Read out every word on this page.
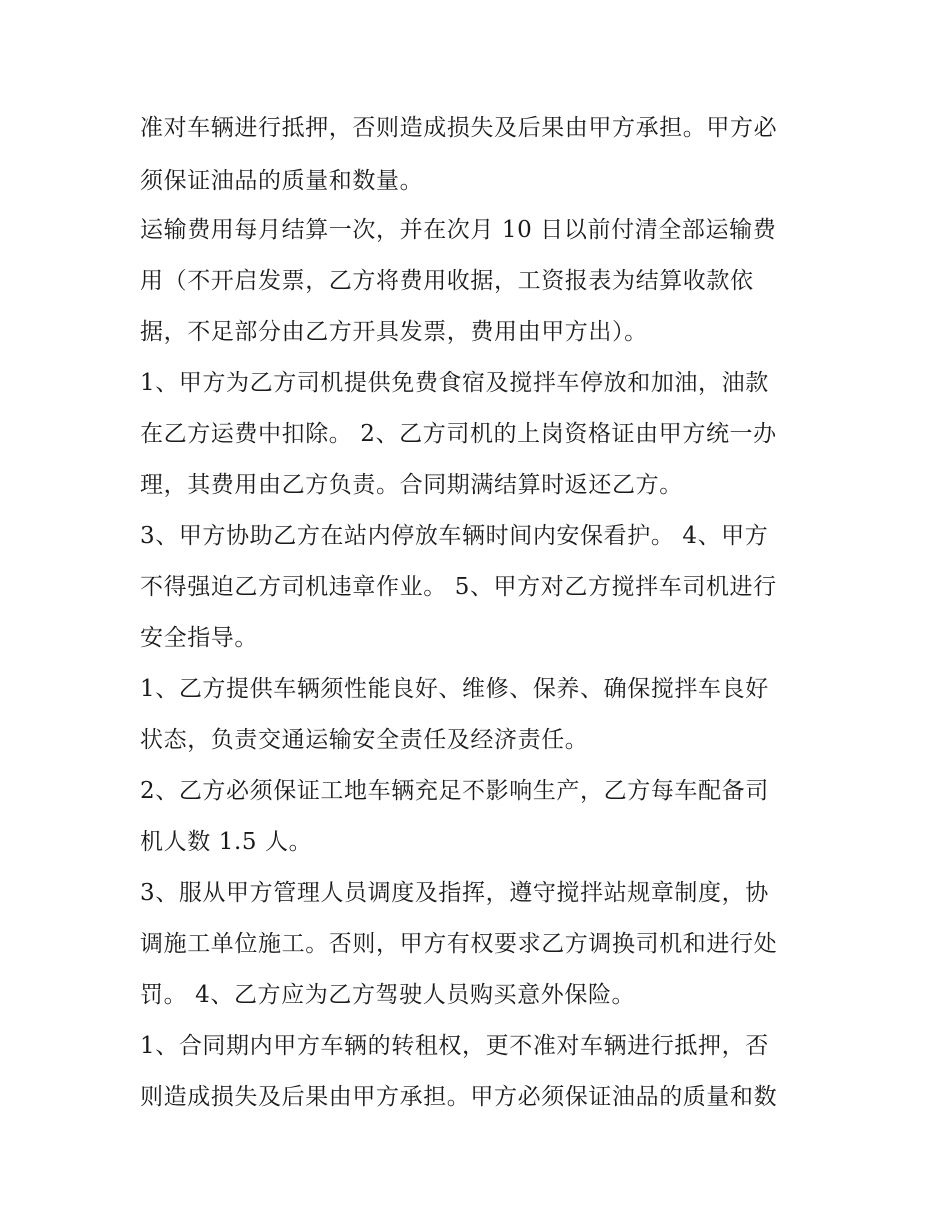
准对车辆进行抵押，否则造成损失及后果由甲方承担。甲方必
须保证油品的质量和数量。
运输费用每月结算一次，并在次月 10 日以前付清全部运输费
用（不开启发票，乙方将费用收据，工资报表为结算收款依
据，不足部分由乙方开具发票，费用由甲方出）。
1、甲方为乙方司机提供免费食宿及搅拌车停放和加油，油款
在乙方运费中扣除。 2、乙方司机的上岗资格证由甲方统一办
理，其费用由乙方负责。合同期满结算时返还乙方。
3、甲方协助乙方在站内停放车辆时间内安保看护。 4、甲方
不得强迫乙方司机违章作业。 5、甲方对乙方搅拌车司机进行
安全指导。
1、乙方提供车辆须性能良好、维修、保养、确保搅拌车良好
状态，负责交通运输安全责任及经济责任。
2、乙方必须保证工地车辆充足不影响生产，乙方每车配备司
机人数 1.5 人。
3、服从甲方管理人员调度及指挥，遵守搅拌站规章制度，协
调施工单位施工。否则，甲方有权要求乙方调换司机和进行处
罚。 4、乙方应为乙方驾驶人员购买意外保险。
1、合同期内甲方车辆的转租权，更不准对车辆进行抵押，否
则造成损失及后果由甲方承担。甲方必须保证油品的质量和数
